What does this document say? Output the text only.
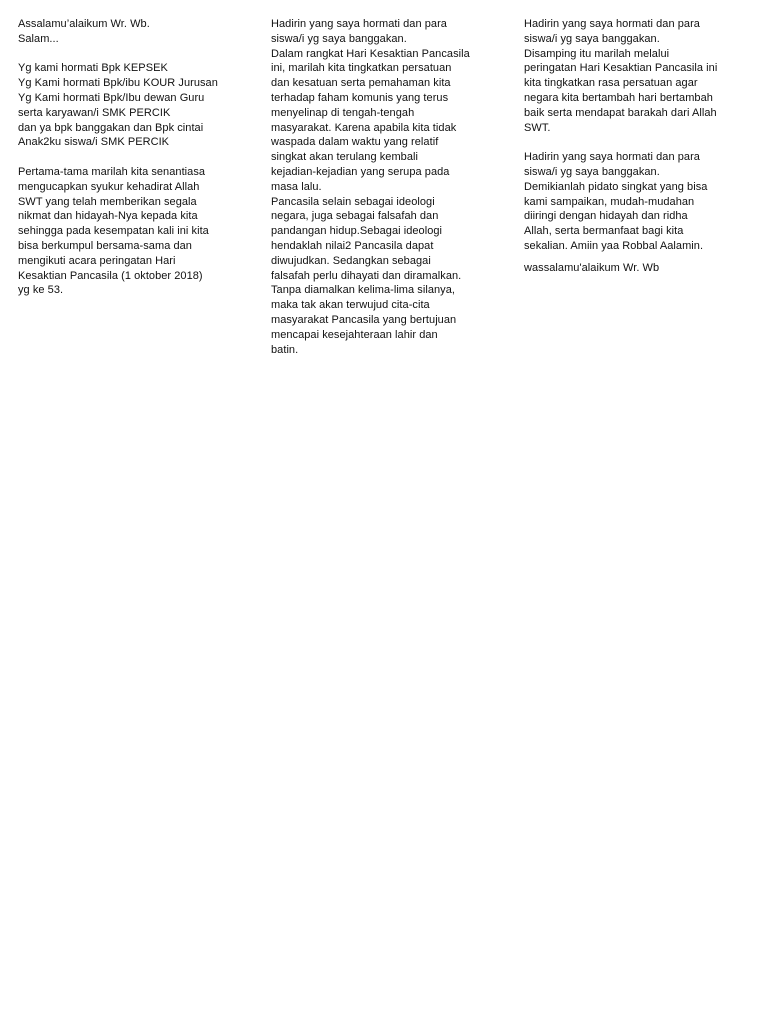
Assalamu’alaikum Wr. Wb.
Salam...
Yg kami hormati Bpk KEPSEK
Yg Kami hormati Bpk/ibu KOUR Jurusan
Yg Kami hormati Bpk/Ibu dewan Guru
serta karyawan/i SMK PERCIK
dan ya bpk banggakan dan Bpk cintai
Anak2ku siswa/i SMK PERCIK
Pertama-tama marilah kita senantiasa
mengucapkan syukur kehadirat Allah
SWT yang telah memberikan segala
nikmat dan hidayah-Nya kepada kita
sehingga pada kesempatan kali ini kita
bisa berkumpul bersama-sama dan
mengikuti acara peringatan Hari
Kesaktian Pancasila (1 oktober 2018)
yg ke 53.
Hadirin yang saya hormati dan para
siswa/i yg saya banggakan.
Dalam rangkat Hari Kesaktian Pancasila
ini, marilah kita tingkatkan persatuan
dan kesatuan serta pemahaman kita
terhadap faham komunis yang terus
menyelinap di tengah-tengah
masyarakat. Karena apabila kita tidak
waspada dalam waktu yang relatif
singkat akan terulang kembali
kejadian-kejadian yang serupa pada
masa lalu.
Pancasila selain sebagai ideologi
negara, juga sebagai falsafah dan
pandangan hidup.Sebagai ideologi
hendaklah nilai2 Pancasila dapat
diwujudkan. Sedangkan sebagai
falsafah perlu dihayati dan diramalkan.
Tanpa diamalkan kelima-lima silanya,
maka tak akan terwujud cita-cita
masyarakat Pancasila yang bertujuan
mencapai kesejahteraan lahir dan
batin.
Hadirin yang saya hormati dan para
siswa/i yg saya banggakan.
Disamping itu marilah melalui
peringatan Hari Kesaktian Pancasila ini
kita tingkatkan rasa persatuan agar
negara kita bertambah hari bertambah
baik serta mendapat barakah dari Allah
SWT.
Hadirin yang saya hormati dan para
siswa/i yg saya banggakan.
Demikianlah pidato singkat yang bisa
kami sampaikan, mudah-mudahan
diiringi dengan hidayah dan ridha
Allah, serta bermanfaat bagi kita
sekalian. Amiin yaa Robbal Aalamin.
wassalamu'alaikum Wr. Wb
